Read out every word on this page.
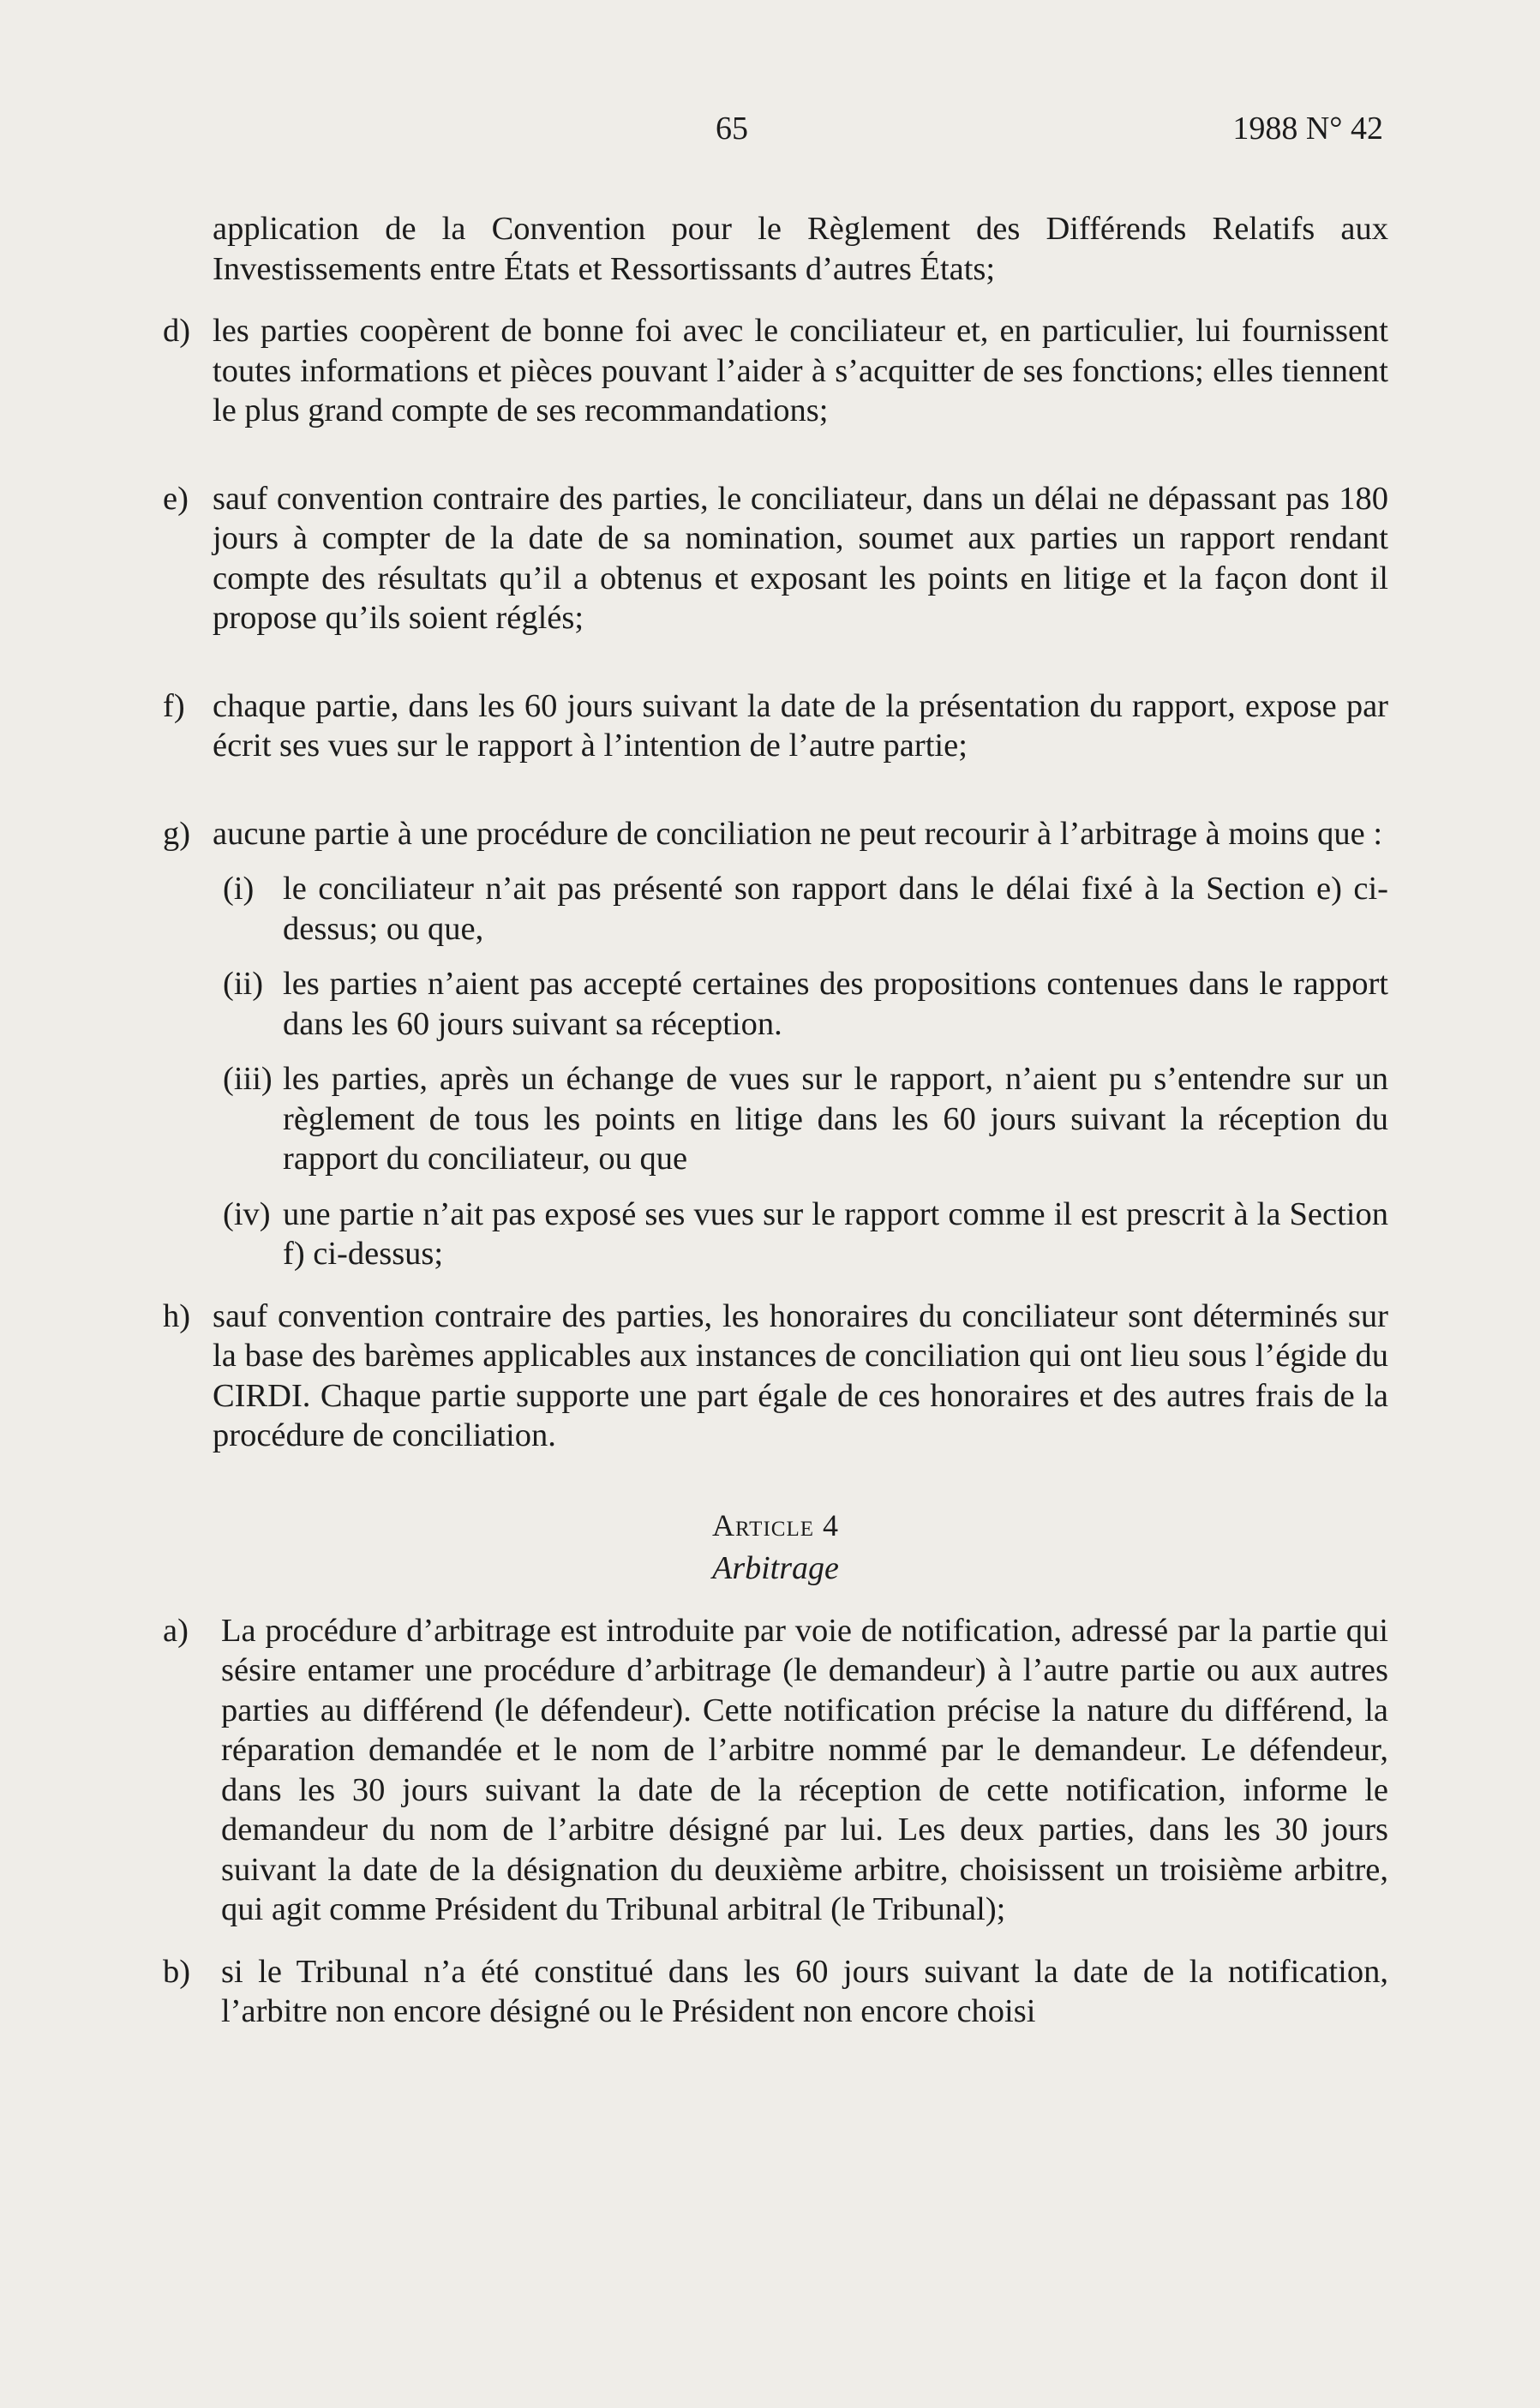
65	1988 N° 42
application de la Convention pour le Règlement des Différends Relatifs aux Investissements entre États et Ressortissants d’autres États;
d) les parties coopèrent de bonne foi avec le conciliateur et, en particulier, lui fournissent toutes informations et pièces pouvant l’aider à s’acquitter de ses fonctions; elles tiennent le plus grand compte de ses recommandations;
e) sauf convention contraire des parties, le conciliateur, dans un délai ne dépassant pas 180 jours à compter de la date de sa nomination, soumet aux parties un rapport rendant compte des résultats qu’il a obtenus et exposant les points en litige et la façon dont il propose qu’ils soient réglés;
f) chaque partie, dans les 60 jours suivant la date de la présentation du rapport, expose par écrit ses vues sur le rapport à l’intention de l’autre partie;
g) aucune partie à une procédure de conciliation ne peut recourir à l’arbitrage à moins que :
(i) le conciliateur n’ait pas présenté son rapport dans le délai fixé à la Section e) ci-dessus; ou que,
(ii) les parties n’aient pas accepté certaines des propositions contenues dans le rapport dans les 60 jours suivant sa réception.
(iii) les parties, après un échange de vues sur le rapport, n’aient pu s’entendre sur un règlement de tous les points en litige dans les 60 jours suivant la réception du rapport du conciliateur, ou que
(iv) une partie n’ait pas exposé ses vues sur le rapport comme il est prescrit à la Section f) ci-dessus;
h) sauf convention contraire des parties, les honoraires du conciliateur sont déterminés sur la base des barèmes applicables aux instances de conciliation qui ont lieu sous l’égide du CIRDI. Chaque partie supporte une part égale de ces honoraires et des autres frais de la procédure de conciliation.
Article 4
Arbitrage
a) La procédure d’arbitrage est introduite par voie de notification, adressé par la partie qui sésire entamer une procédure d’arbitrage (le demandeur) à l’autre partie ou aux autres parties au différend (le défendeur). Cette notification précise la nature du différend, la réparation demandée et le nom de l’arbitre nommé par le demandeur. Le défendeur, dans les 30 jours suivant la date de la réception de cette notification, informe le demandeur du nom de l’arbitre désigné par lui. Les deux parties, dans les 30 jours suivant la date de la désignation du deuxième arbitre, choisissent un troisième arbitre, qui agit comme Président du Tribunal arbitral (le Tribunal);
b) si le Tribunal n’a été constitué dans les 60 jours suivant la date de la notification, l’arbitre non encore désigné ou le Président non encore choisi
